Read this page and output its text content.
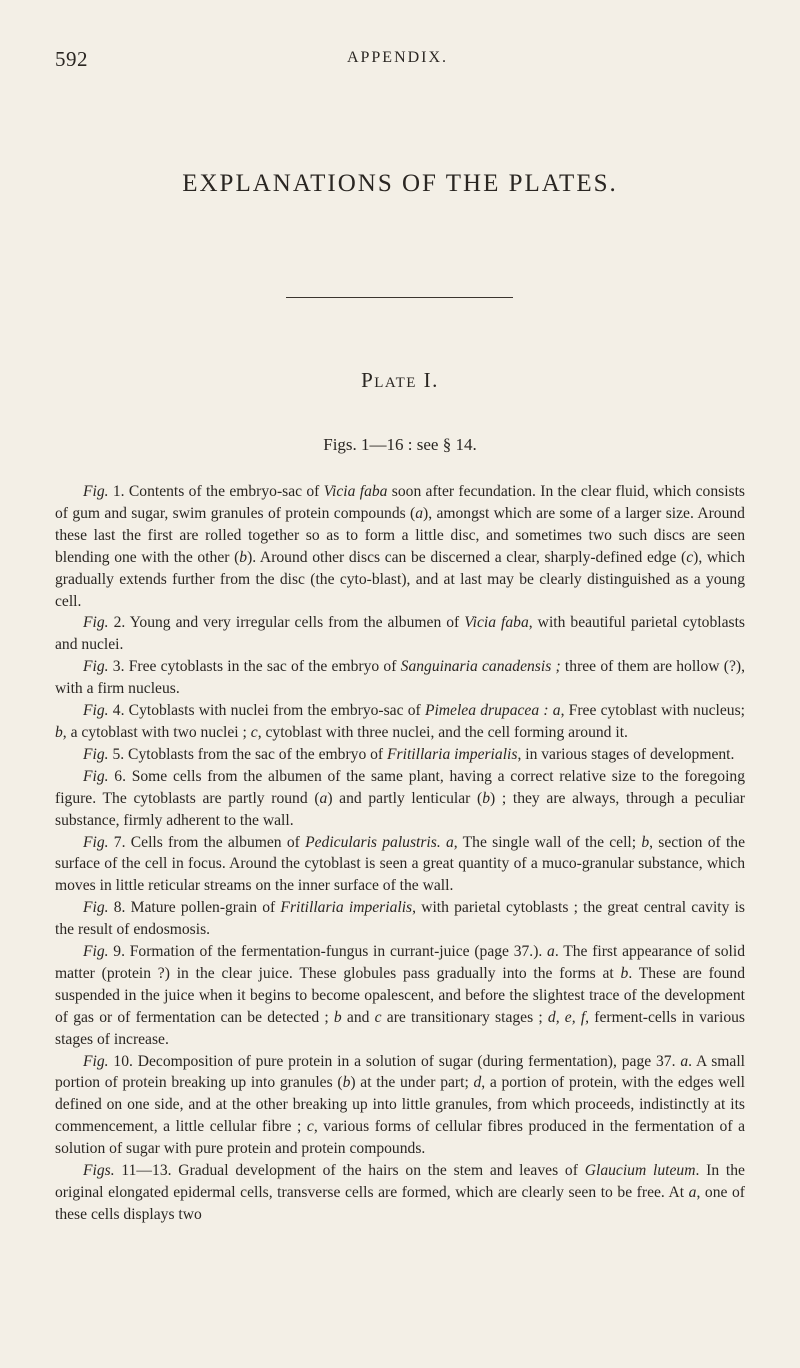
592	APPENDIX.
EXPLANATIONS OF THE PLATES.
Plate I.
Figs. 1—16 : see § 14.

Fig. 1. Contents of the embryo-sac of Vicia faba soon after fecundation. In the clear fluid, which consists of gum and sugar, swim granules of protein compounds (a), amongst which are some of a larger size. Around these last the first are rolled together so as to form a little disc, and sometimes two such discs are seen blending one with the other (b). Around other discs can be discerned a clear, sharply-defined edge (c), which gradually extends further from the disc (the cyto-blast), and at last may be clearly distinguished as a young cell.

Fig. 2. Young and very irregular cells from the albumen of Vicia faba, with beautiful parietal cytoblasts and nuclei.

Fig. 3. Free cytoblasts in the sac of the embryo of Sanguinaria canadensis ; three of them are hollow (?), with a firm nucleus.

Fig. 4. Cytoblasts with nuclei from the embryo-sac of Pimelea drupacea : a, Free cytoblast with nucleus; b, a cytoblast with two nuclei ; c, cytoblast with three nuclei, and the cell forming around it.

Fig. 5. Cytoblasts from the sac of the embryo of Fritillaria imperialis, in various stages of development.

Fig. 6. Some cells from the albumen of the same plant, having a correct relative size to the foregoing figure. The cytoblasts are partly round (a) and partly lenticular (b) ; they are always, through a peculiar substance, firmly adherent to the wall.

Fig. 7. Cells from the albumen of Pedicularis palustris. a, The single wall of the cell; b, section of the surface of the cell in focus. Around the cytoblast is seen a great quantity of a muco-granular substance, which moves in little reticular streams on the inner surface of the wall.

Fig. 8. Mature pollen-grain of Fritillaria imperialis, with parietal cytoblasts ; the great central cavity is the result of endosmosis.

Fig. 9. Formation of the fermentation-fungus in currant-juice (page 37.). a. The first appearance of solid matter (protein ?) in the clear juice. These globules pass gradually into the forms at b. These are found suspended in the juice when it begins to become opalescent, and before the slightest trace of the development of gas or of fermentation can be detected ; b and c are transitionary stages ; d, e, f, ferment-cells in various stages of increase.

Fig. 10. Decomposition of pure protein in a solution of sugar (during fermentation), page 37. a. A small portion of protein breaking up into granules (b) at the under part; d, a portion of protein, with the edges well defined on one side, and at the other breaking up into little granules, from which proceeds, indistinctly at its commencement, a little cellular fibre ; c, various forms of cellular fibres produced in the fermentation of a solution of sugar with pure protein and protein compounds.

Figs. 11—13. Gradual development of the hairs on the stem and leaves of Glaucium luteum. In the original elongated epidermal cells, transverse cells are formed, which are clearly seen to be free. At a, one of these cells displays two
